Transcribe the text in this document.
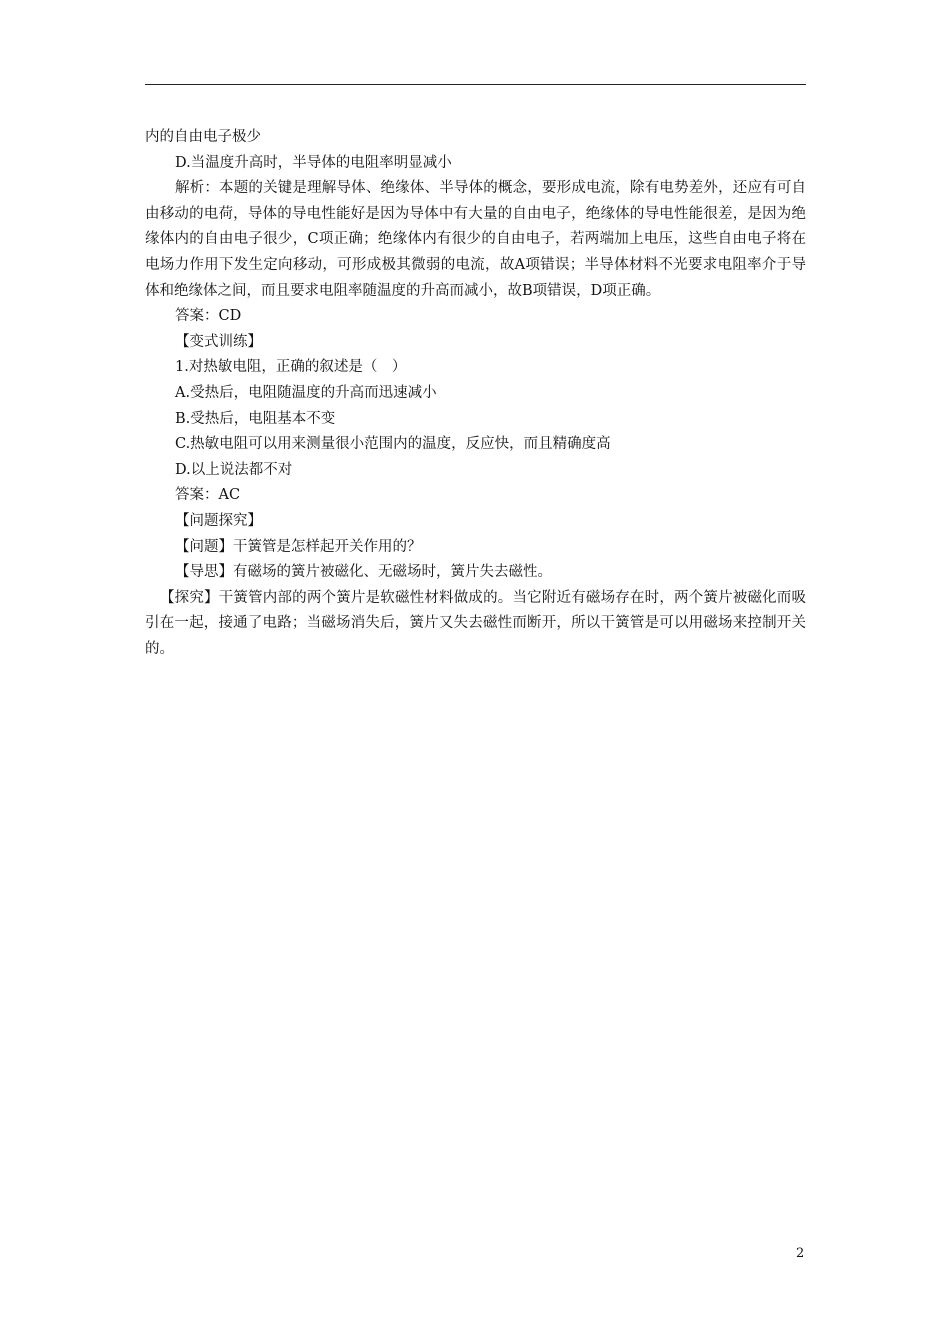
内的自由电子极少

D.当温度升高时，半导体的电阻率明显减小

解析：本题的关键是理解导体、绝缘体、半导体的概念，要形成电流，除有电势差外，还应有可自由移动的电荷，导体的导电性能好是因为导体中有大量的自由电子，绝缘体的导电性能很差，是因为绝缘体内的自由电子很少，C项正确；绝缘体内有很少的自由电子，若两端加上电压，这些自由电子将在电场力作用下发生定向移动，可形成极其微弱的电流，故A项错误；半导体材料不光要求电阻率介于导体和绝缘体之间，而且要求电阻率随温度的升高而减小，故B项错误，D项正确。

答案：CD

【变式训练】

1.对热敏电阻，正确的叙述是（　）

A.受热后，电阻随温度的升高而迅速减小

B.受热后，电阻基本不变

C.热敏电阻可以用来测量很小范围内的温度，反应快，而且精确度高

D.以上说法都不对

答案：AC

【问题探究】

【问题】干簧管是怎样起开关作用的？

【导思】有磁场的簧片被磁化、无磁场时，簧片失去磁性。

【探究】干簧管内部的两个簧片是软磁性材料做成的。当它附近有磁场存在时，两个簧片被磁化而吸引在一起，接通了电路；当磁场消失后，簧片又失去磁性而断开，所以干簧管是可以用磁场来控制开关的。

2
